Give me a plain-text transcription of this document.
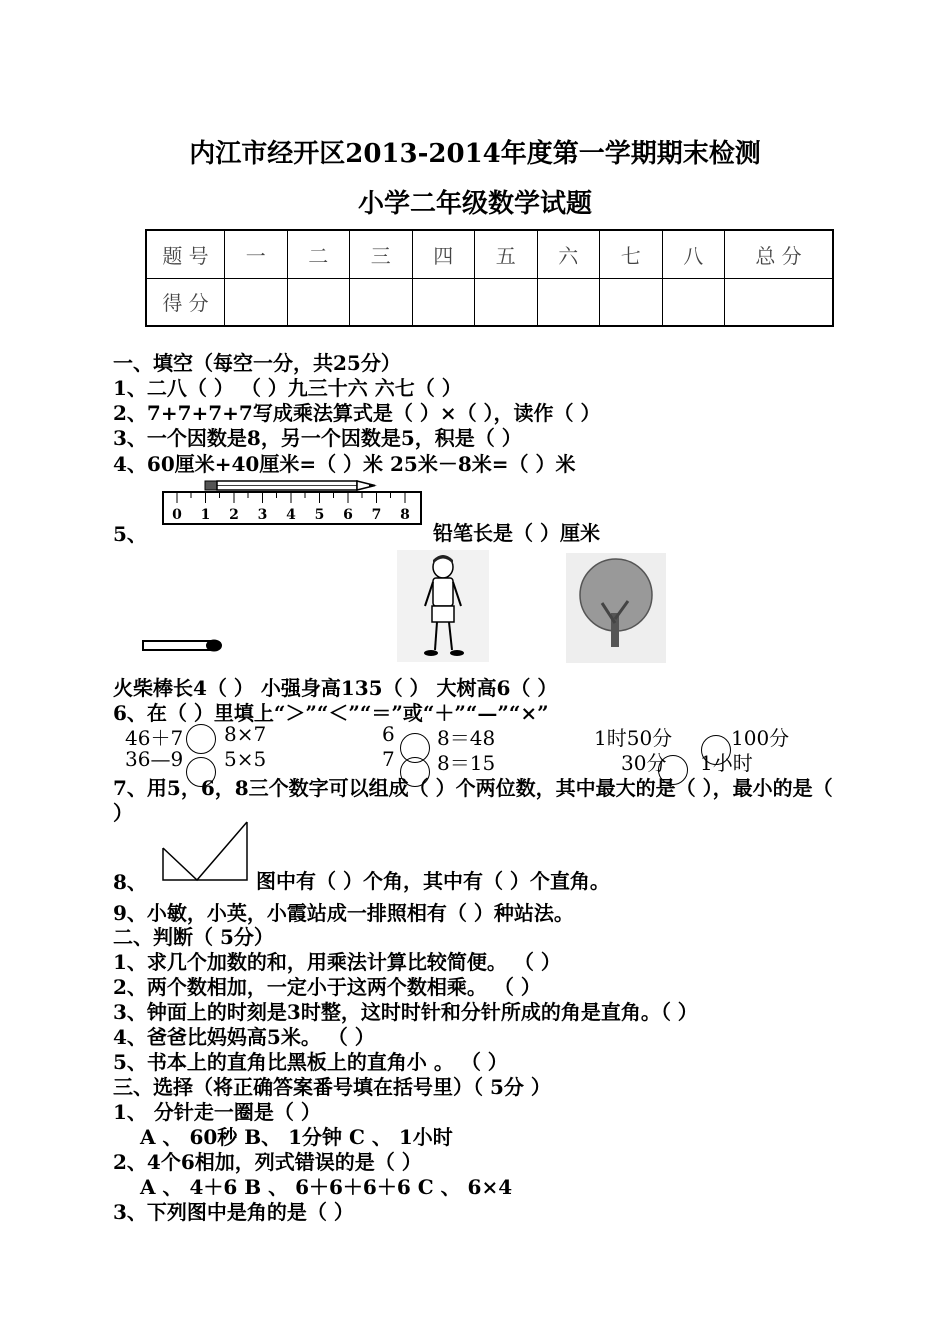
内江市经开区2013-2014年度第一学期期末检测
小学二年级数学试题
题 号	一	二	三	四	五	六	七	八	总 分
得 分									
一、填空（每空一分，共25分）
1、二八（ ） （ ）九三十六 六七（ ）
2、7+7+7+7写成乘法算式是（ ）×（ ），读作（ ）
3、一个因数是8，另一个因数是5，积是（ ）
4、60厘米+40厘米=（ ）米 25米－8米=（ ）米
0 1 2 3 4 5 6 7 8
5、	铅笔长是（ ）厘米
火柴棒长4（ ） 小强身高135（ ） 大树高6（ ）
6、在（ ）里填上“＞”“＜”“＝”或“＋”“—”“×”
46＋7 8×7	6 8＝48	1时50分	100分
36—9 5×5	7 8＝15	30分 1小时
7、用5，6，8三个数字可以组成（ ）个两位数，其中最大的是（ ），最小的是（
）
8、	图中有（ ）个角，其中有（ ）个直角。
9、小敏，小英，小霞站成一排照相有（ ）种站法。
二、判断（ 5分）
1、求几个加数的和，用乘法计算比较简便。 （ ）
2、两个数相加，一定小于这两个数相乘。 （ ）
3、钟面上的时刻是3时整，这时时针和分针所成的角是直角。（ ）
4、爸爸比妈妈高5米。 （ ）
5、书本上的直角比黑板上的直角小 。 （ ）
三、选择（将正确答案番号填在括号里）（ 5分 ）
1、 分针走一圈是（ ）
A 、 60秒 B、 1分钟 C 、 1小时
2、4个6相加，列式错误的是（ ）
A 、 4＋6 B 、 6＋6＋6＋6 C 、 6×4
3、下列图中是角的是（ ）
